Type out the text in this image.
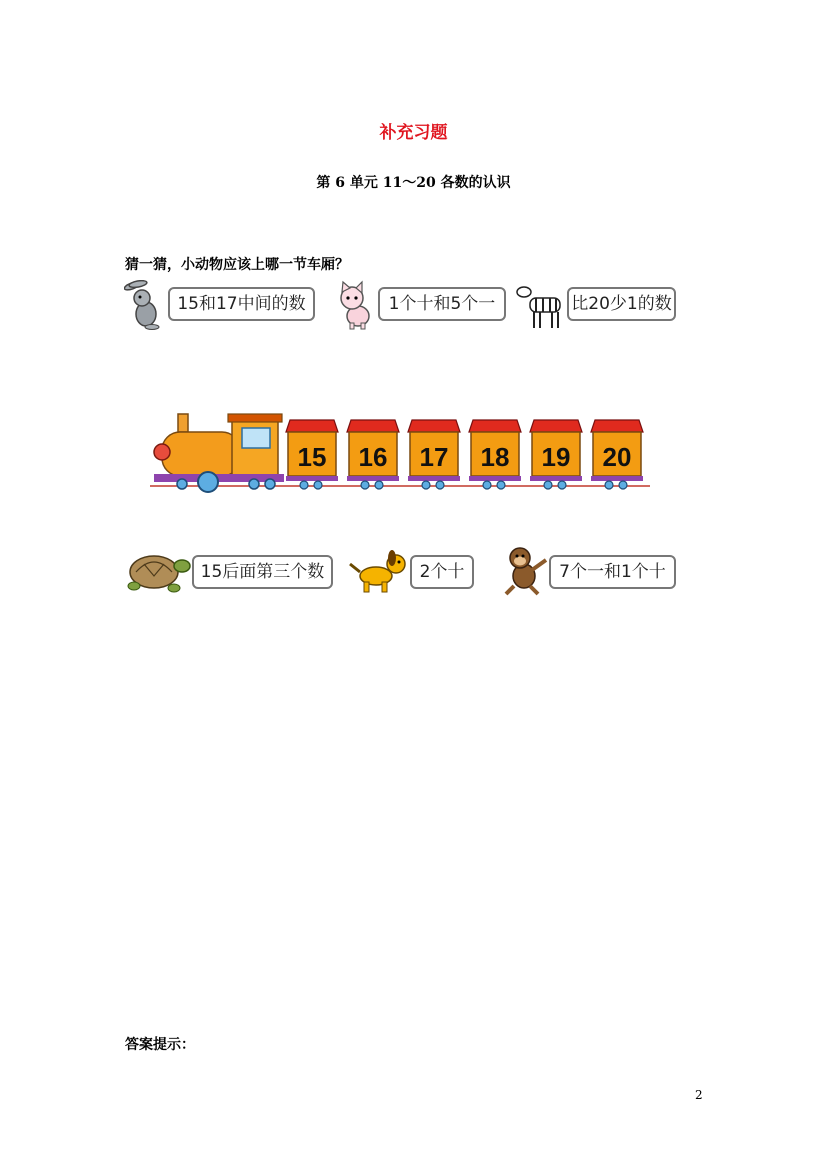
补充习题
第 6 单元 11～20 各数的认识
猜一猜，小动物应该上哪一节车厢？
15和17中间的数	1个十和5个一	比20少1的数
15 16 17 18 19 20
15后面第三个数	2个十	7个一和1个十
答案提示：
2
